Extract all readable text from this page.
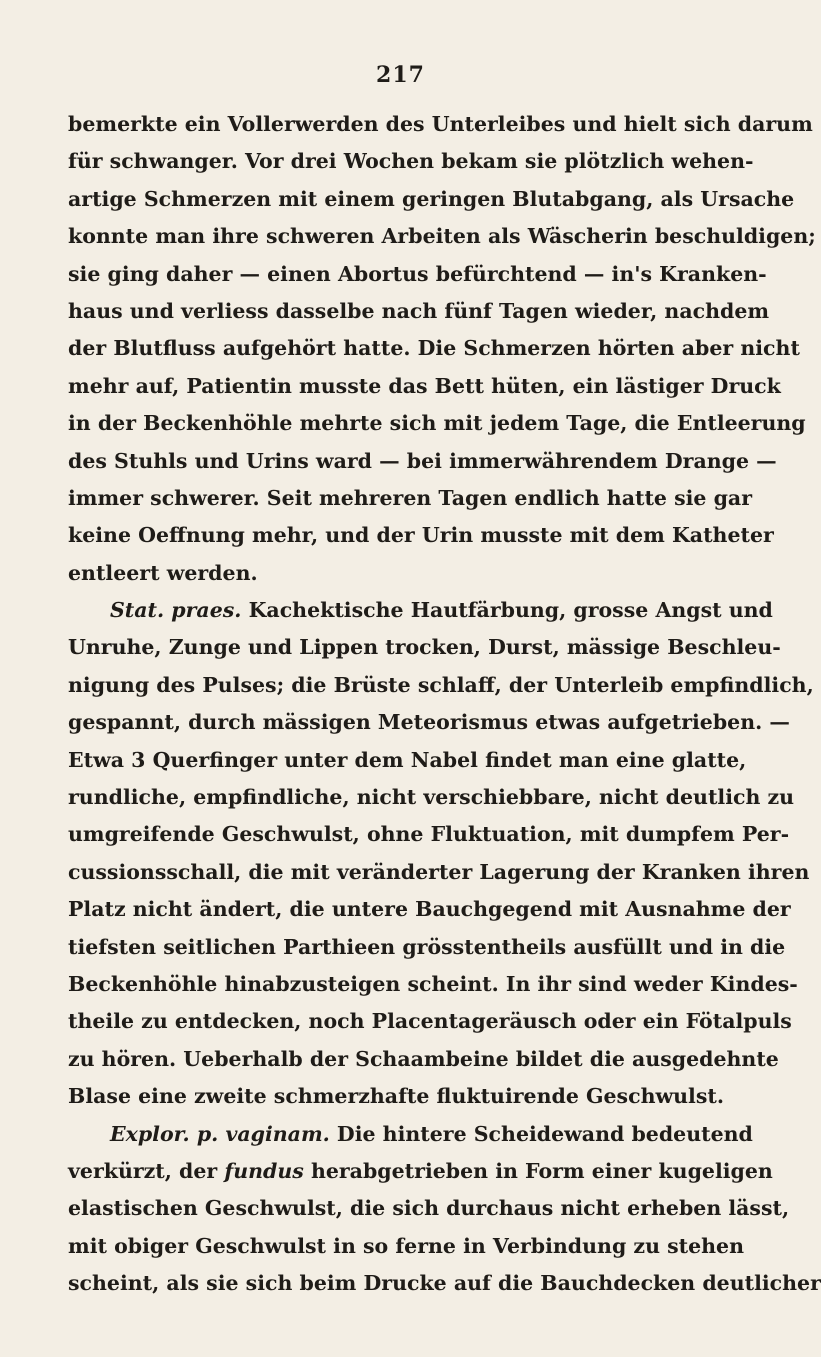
217
bemerkte ein Vollerwerden des Unterleibes und hielt sich darum
für schwanger. Vor drei Wochen bekam sie plötzlich wehen-
artige Schmerzen mit einem geringen Blutabgang, als Ursache
konnte man ihre schweren Arbeiten als Wäscherin beschuldigen;
sie ging daher — einen Abortus befürchtend — in's Kranken-
haus und verliess dasselbe nach fünf Tagen wieder, nachdem
der Blutfluss aufgehört hatte. Die Schmerzen hörten aber nicht
mehr auf, Patientin musste das Bett hüten, ein lästiger Druck
in der Beckenhöhle mehrte sich mit jedem Tage, die Entleerung
des Stuhls und Urins ward — bei immerwährendem Drange —
immer schwerer. Seit mehreren Tagen endlich hatte sie gar
keine Oeffnung mehr, und der Urin musste mit dem Katheter
entleert werden.
Stat. praes. Kachektische Hautfärbung, grosse Angst und
Unruhe, Zunge und Lippen trocken, Durst, mässige Beschleu-
nigung des Pulses; die Brüste schlaff, der Unterleib empfindlich,
gespannt, durch mässigen Meteorismus etwas aufgetrieben. —
Etwa 3 Querfinger unter dem Nabel findet man eine glatte,
rundliche, empfindliche, nicht verschiebbare, nicht deutlich zu
umgreifende Geschwulst, ohne Fluktuation, mit dumpfem Per-
cussionsschall, die mit veränderter Lagerung der Kranken ihren
Platz nicht ändert, die untere Bauchgegend mit Ausnahme der
tiefsten seitlichen Parthieen grösstentheils ausfüllt und in die
Beckenhöhle hinabzusteigen scheint. In ihr sind weder Kindes-
theile zu entdecken, noch Placentageräusch oder ein Fötalpuls
zu hören. Ueberhalb der Schaambeine bildet die ausgedehnte
Blase eine zweite schmerzhafte fluktuirende Geschwulst.
Explor. p. vaginam. Die hintere Scheidewand bedeutend
verkürzt, der fundus herabgetrieben in Form einer kugeligen
elastischen Geschwulst, die sich durchaus nicht erheben lässt,
mit obiger Geschwulst in so ferne in Verbindung zu stehen
scheint, als sie sich beim Drucke auf die Bauchdecken deutlicher
